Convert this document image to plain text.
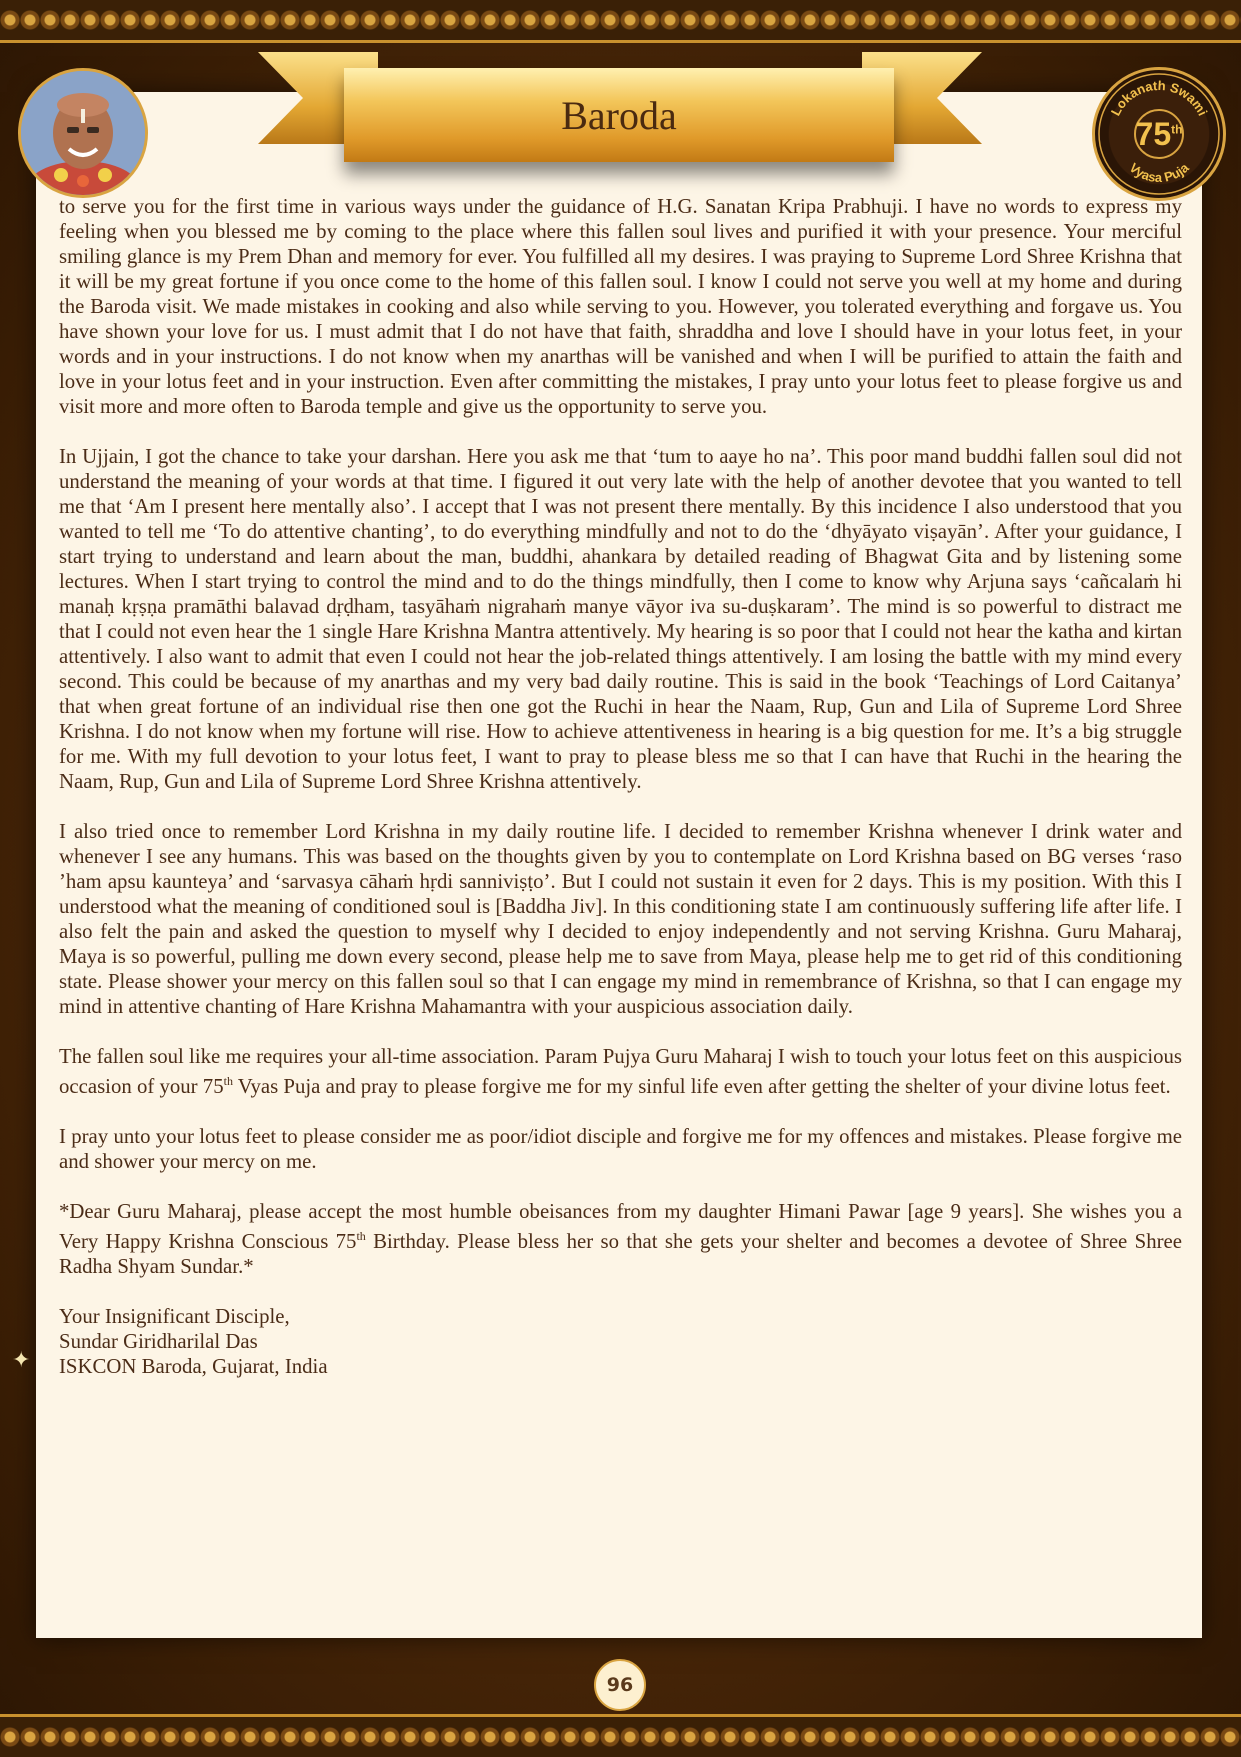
Baroda	Lokanath Swami
Vyasa Puja
75th

to serve you for the first time in various ways under the guidance of H.G. Sanatan Kripa Prabhuji. I have no words to express my feeling when you blessed me by coming to the place where this fallen soul lives and purified it with your presence. Your merciful smiling glance is my Prem Dhan and memory for ever. You fulfilled all my desires. I was praying to Supreme Lord Shree Krishna that it will be my great fortune if you once come to the home of this fallen soul. I know I could not serve you well at my home and during the Baroda visit. We made mistakes in cooking and also while serving to you. However, you tolerated everything and forgave us. You have shown your love for us. I must admit that I do not have that faith, shraddha and love I should have in your lotus feet, in your words and in your instructions. I do not know when my anarthas will be vanished and when I will be purified to attain the faith and love in your lotus feet and in your instruction. Even after committing the mistakes, I pray unto your lotus feet to please forgive us and visit more and more often to Baroda temple and give us the opportunity to serve you.

In Ujjain, I got the chance to take your darshan. Here you ask me that ‘tum to aaye ho na’. This poor mand buddhi fallen soul did not understand the meaning of your words at that time. I figured it out very late with the help of another devotee that you wanted to tell me that ‘Am I present here mentally also’. I accept that I was not present there mentally. By this incidence I also understood that you wanted to tell me ‘To do attentive chanting’, to do everything mindfully and not to do the ‘dhyāyato viṣayān’. After your guidance, I start trying to understand and learn about the man, buddhi, ahankara by detailed reading of Bhagwat Gita and by listening some lectures. When I start trying to control the mind and to do the things mindfully, then I come to know why Arjuna says ‘cañcalaṁ hi manaḥ kṛṣṇa pramāthi balavad dṛḍham, tasyāhaṁ nigrahaṁ manye vāyor iva su-duṣkaram’. The mind is so powerful to distract me that I could not even hear the 1 single Hare Krishna Mantra attentively. My hearing is so poor that I could not hear the katha and kirtan attentively. I also want to admit that even I could not hear the job-related things attentively. I am losing the battle with my mind every second. This could be because of my anarthas and my very bad daily routine. This is said in the book ‘Teachings of Lord Caitanya’ that when great fortune of an individual rise then one got the Ruchi in hear the Naam, Rup, Gun and Lila of Supreme Lord Shree Krishna. I do not know when my fortune will rise. How to achieve attentiveness in hearing is a big question for me. It’s a big struggle for me. With my full devotion to your lotus feet, I want to pray to please bless me so that I can have that Ruchi in the hearing the Naam, Rup, Gun and Lila of Supreme Lord Shree Krishna attentively.

I also tried once to remember Lord Krishna in my daily routine life. I decided to remember Krishna whenever I drink water and whenever I see any humans. This was based on the thoughts given by you to contemplate on Lord Krishna based on BG verses ‘raso ’ham apsu kaunteya’ and ‘sarvasya cāhaṁ hṛdi sanniviṣṭo’. But I could not sustain it even for 2 days. This is my position. With this I understood what the meaning of conditioned soul is [Baddha Jiv]. In this conditioning state I am continuously suffering life after life. I also felt the pain and asked the question to myself why I decided to enjoy independently and not serving Krishna. Guru Maharaj, Maya is so powerful, pulling me down every second, please help me to save from Maya, please help me to get rid of this conditioning state. Please shower your mercy on this fallen soul so that I can engage my mind in remembrance of Krishna, so that I can engage my mind in attentive chanting of Hare Krishna Mahamantra with your auspicious association daily.

The fallen soul like me requires your all-time association. Param Pujya Guru Maharaj I wish to touch your lotus feet on this auspicious occasion of your 75th Vyas Puja and pray to please forgive me for my sinful life even after getting the shelter of your divine lotus feet.

I pray unto your lotus feet to please consider me as poor/idiot disciple and forgive me for my offences and mistakes. Please forgive me and shower your mercy on me.

*Dear Guru Maharaj, please accept the most humble obeisances from my daughter Himani Pawar [age 9 years]. She wishes you a Very Happy Krishna Conscious 75th Birthday. Please bless her so that she gets your shelter and becomes a devotee of Shree Shree Radha Shyam Sundar.*

Your Insignificant Disciple,

Sundar Giridharilal Das

ISKCON Baroda, Gujarat, India

✦
96
